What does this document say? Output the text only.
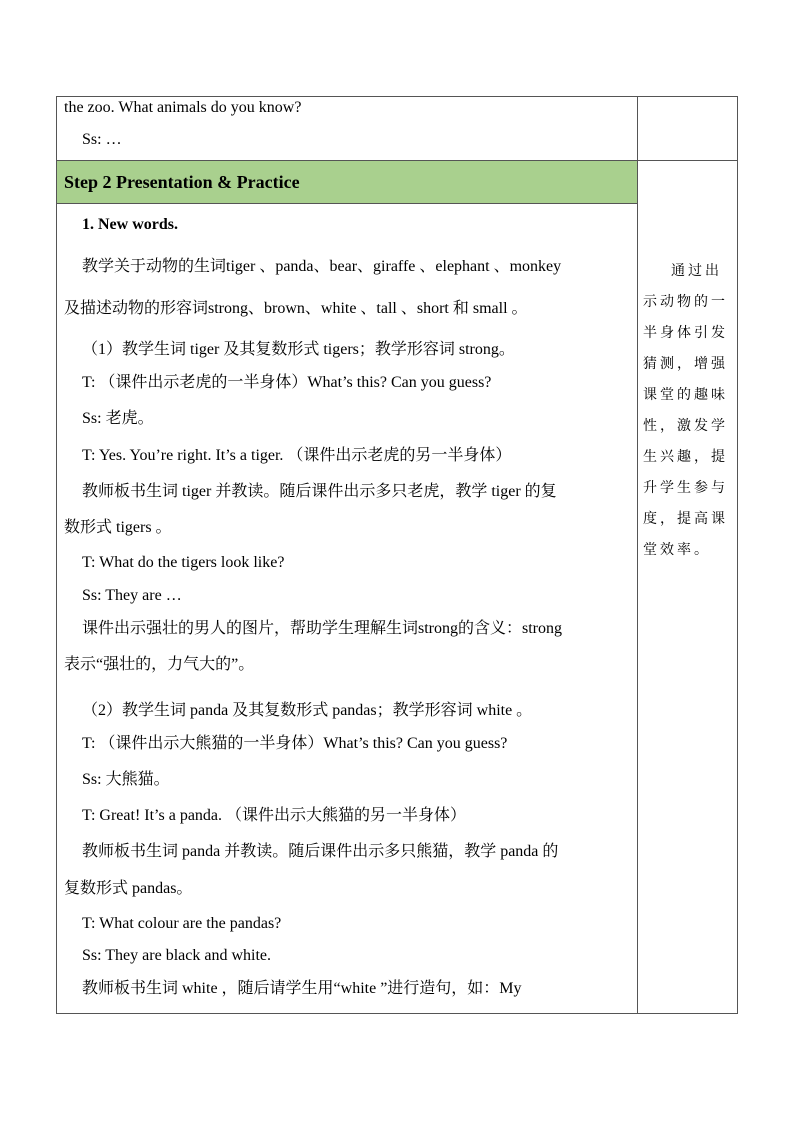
the zoo. What animals do you know?
Ss: …
Step 2 Presentation & Practice
1. New words.
教学关于动物的生词tiger 、panda、bear、giraffe 、elephant 、monkey
及描述动物的形容词strong、brown、white 、tall 、short 和 small 。
（1）教学生词 tiger 及其复数形式 tigers；教学形容词 strong。
T: （课件出示老虎的一半身体）What’s this? Can you guess?
Ss: 老虎。
T: Yes. You’re right. It’s a tiger. （课件出示老虎的另一半身体）
教师板书生词 tiger 并教读。随后课件出示多只老虎，教学 tiger 的复
数形式 tigers 。
T: What do the tigers look like?
Ss: They are …
课件出示强壮的男人的图片，帮助学生理解生词strong的含义：strong
表示“强壮的，力气大的”。
（2）教学生词 panda 及其复数形式 pandas；教学形容词 white 。
T: （课件出示大熊猫的一半身体）What’s this? Can you guess?
Ss: 大熊猫。
T: Great! It’s a panda. （课件出示大熊猫的另一半身体）
教师板书生词 panda 并教读。随后课件出示多只熊猫，教学 panda 的
复数形式 pandas。
T: What colour are the pandas?
Ss: They are black and white.
教师板书生词 white ，随后请学生用“white ”进行造句，如：My
通过出
示动物的一
半身体引发
猜测，增强
课堂的趣味
性，激发学
生兴趣，提
升学生参与
度，提高课
堂效率。
